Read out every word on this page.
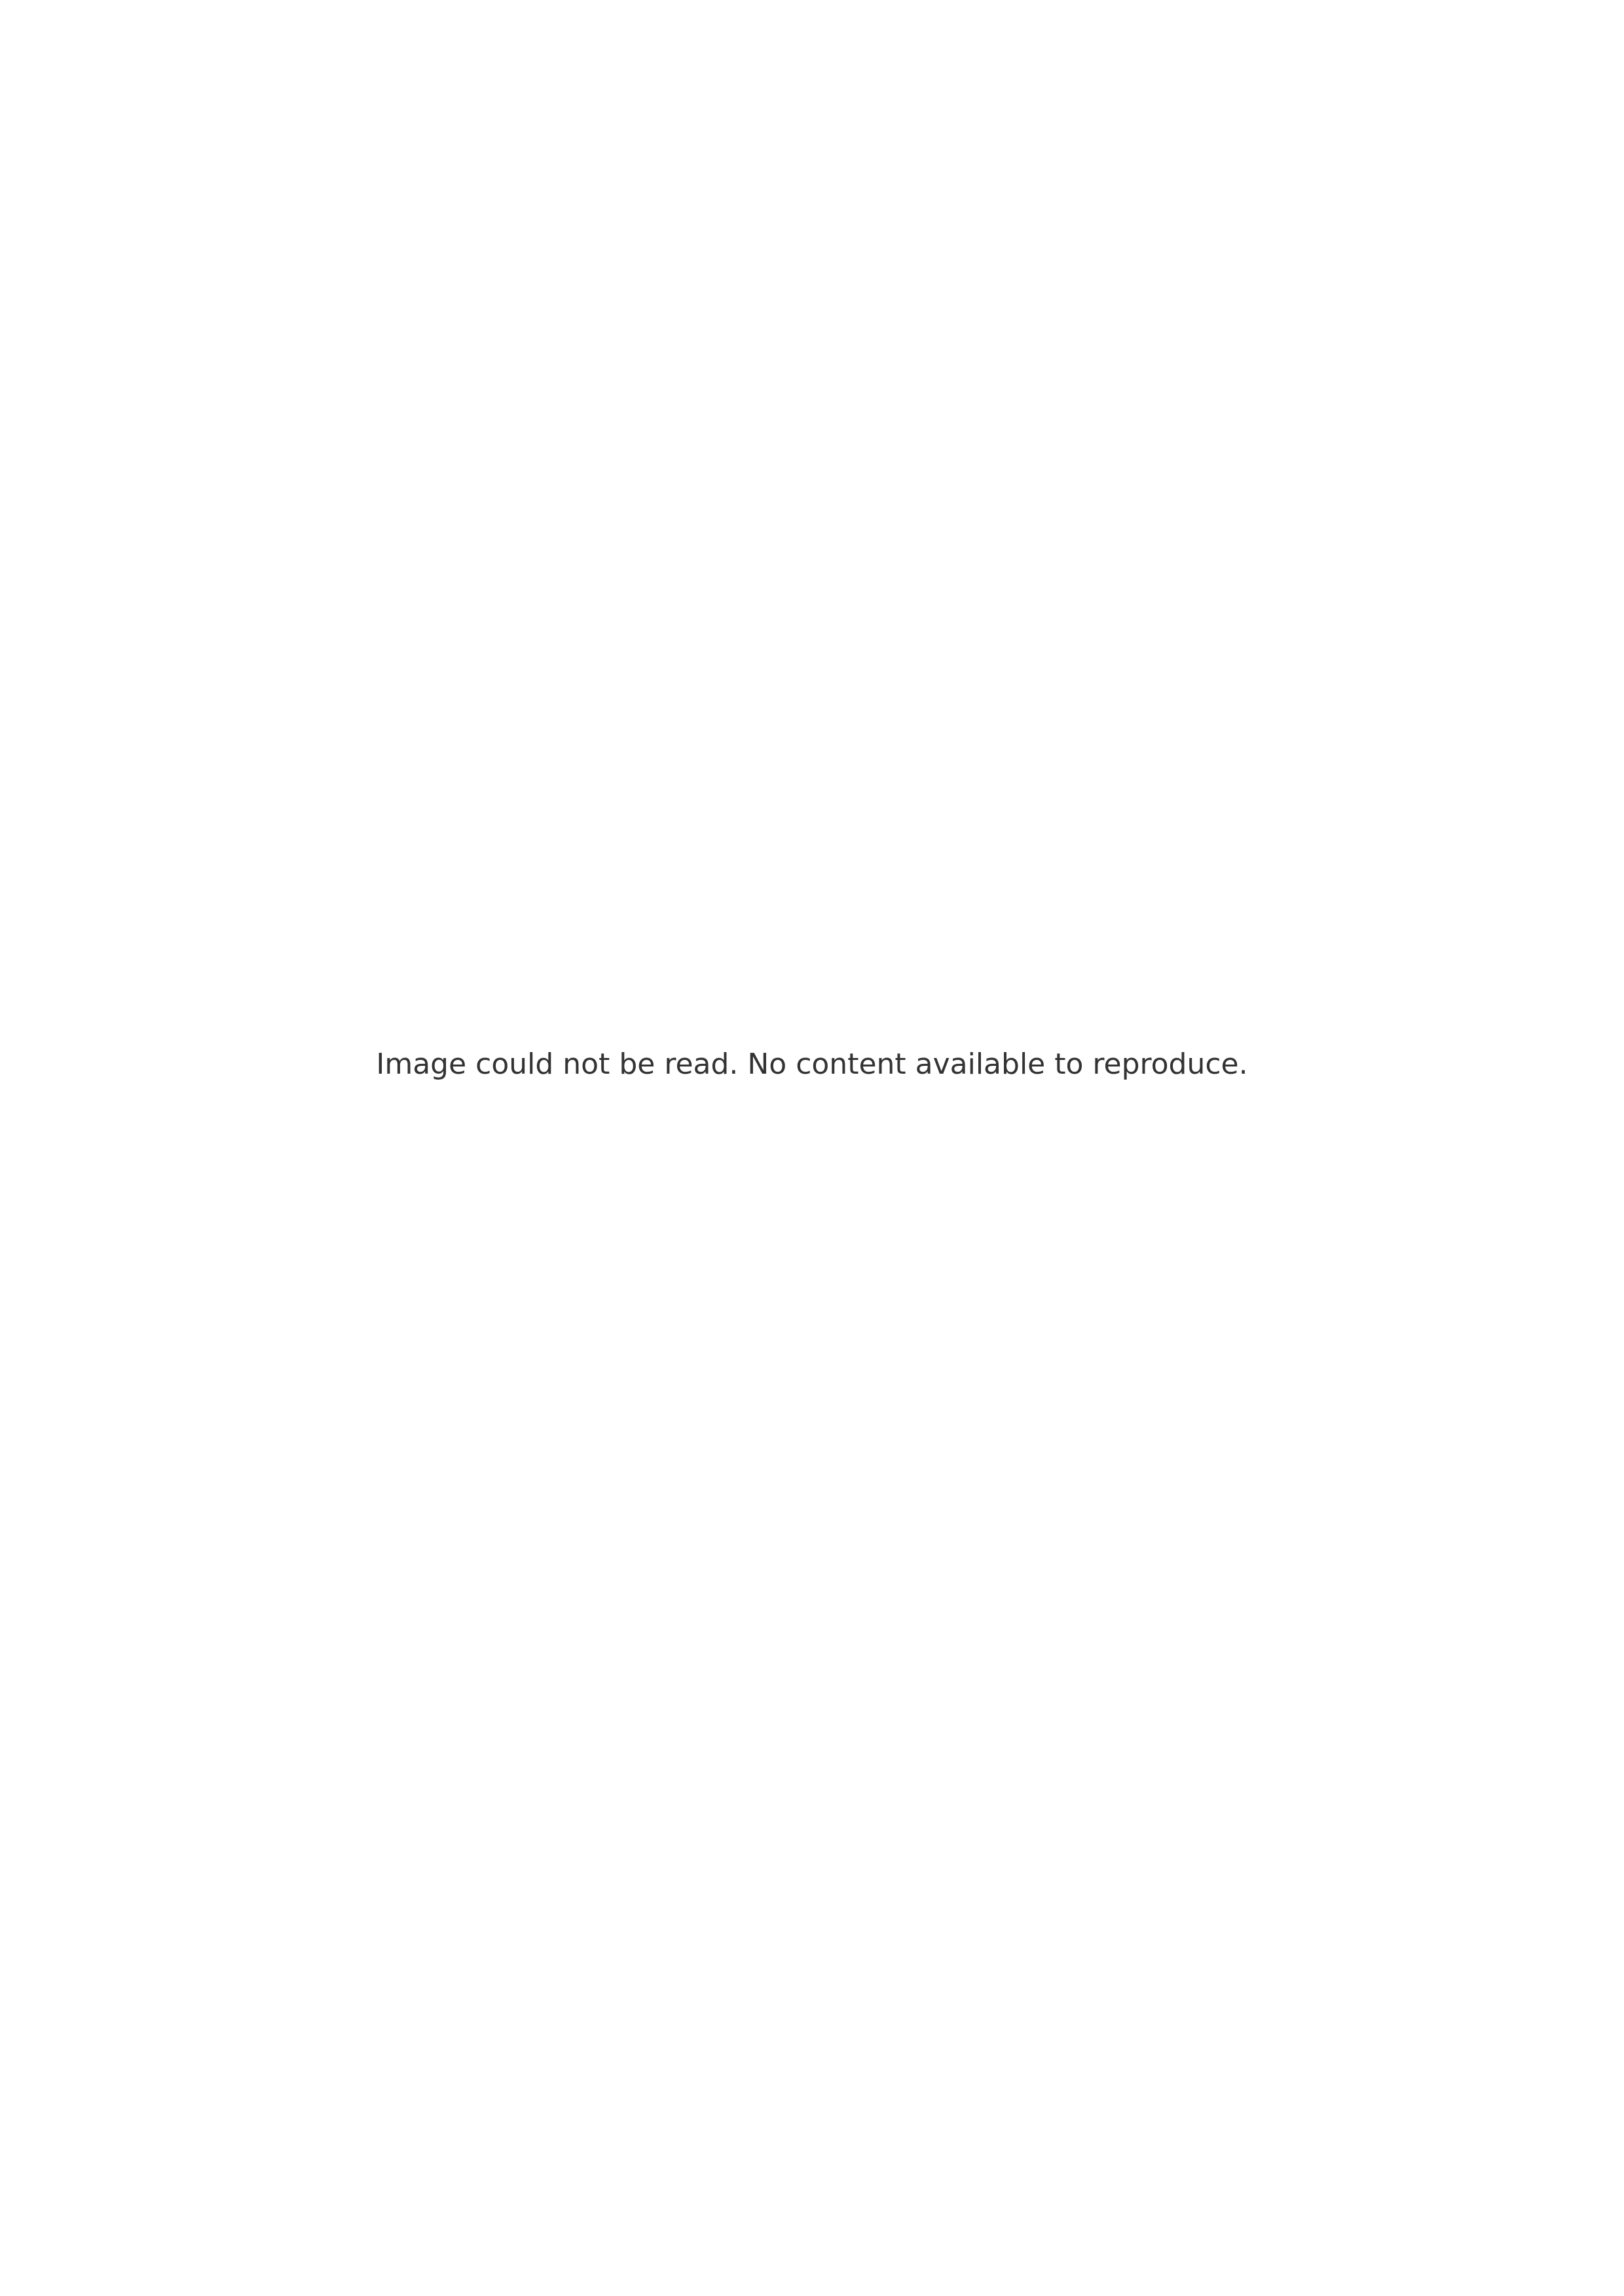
Image could not be read. No content available to reproduce.
